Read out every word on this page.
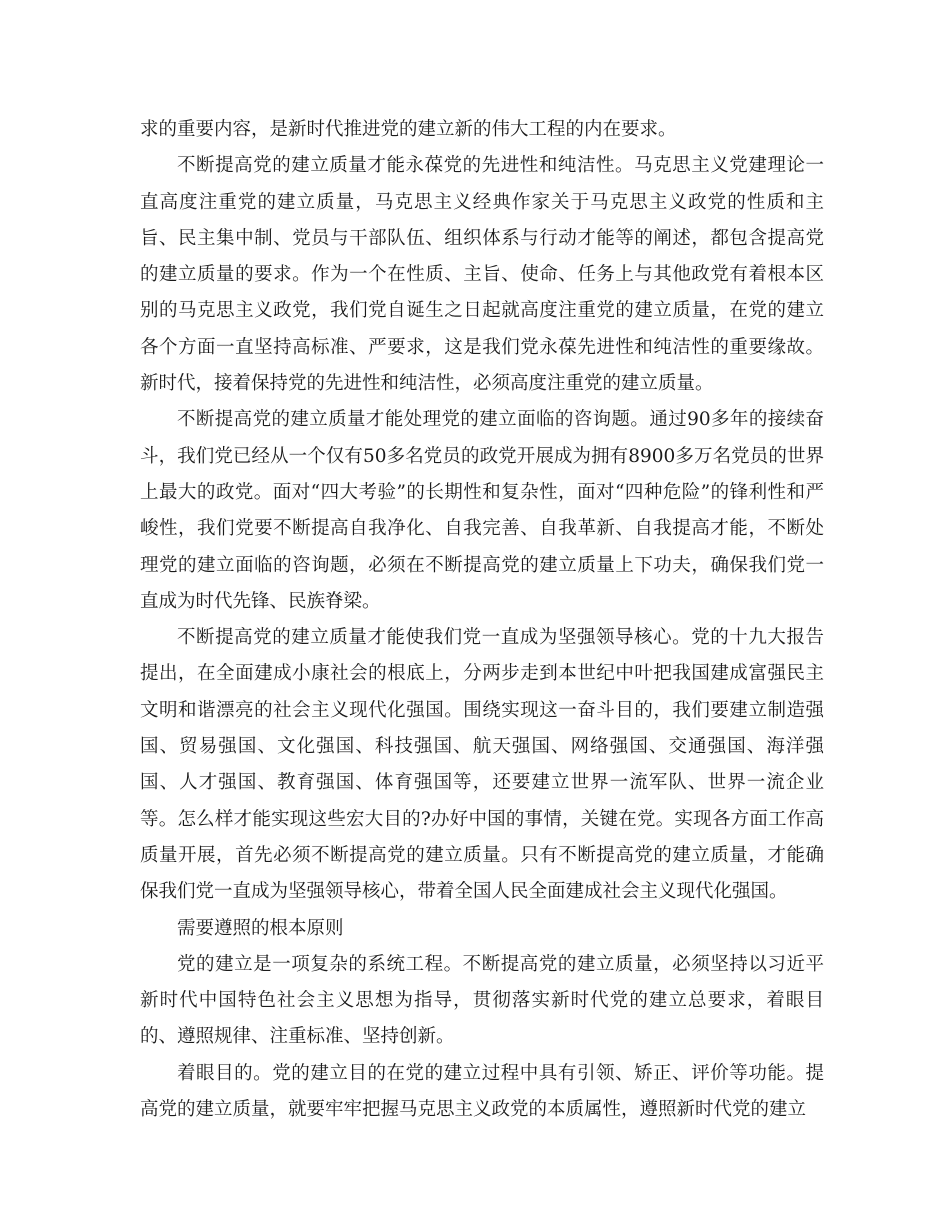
求的重要内容，是新时代推进党的建立新的伟大工程的内在要求。

不断提高党的建立质量才能永葆党的先进性和纯洁性。马克思主义党建理论一直高度注重党的建立质量，马克思主义经典作家关于马克思主义政党的性质和主旨、民主集中制、党员与干部队伍、组织体系与行动才能等的阐述，都包含提高党的建立质量的要求。作为一个在性质、主旨、使命、任务上与其他政党有着根本区别的马克思主义政党，我们党自诞生之日起就高度注重党的建立质量，在党的建立各个方面一直坚持高标准、严要求，这是我们党永葆先进性和纯洁性的重要缘故。新时代，接着保持党的先进性和纯洁性，必须高度注重党的建立质量。

不断提高党的建立质量才能处理党的建立面临的咨询题。通过90多年的接续奋斗，我们党已经从一个仅有50多名党员的政党开展成为拥有8900多万名党员的世界上最大的政党。面对“四大考验”的长期性和复杂性，面对“四种危险”的锋利性和严峻性，我们党要不断提高自我净化、自我完善、自我革新、自我提高才能，不断处理党的建立面临的咨询题，必须在不断提高党的建立质量上下功夫，确保我们党一直成为时代先锋、民族脊梁。

不断提高党的建立质量才能使我们党一直成为坚强领导核心。党的十九大报告提出，在全面建成小康社会的根底上，分两步走到本世纪中叶把我国建成富强民主文明和谐漂亮的社会主义现代化强国。围绕实现这一奋斗目的，我们要建立制造强国、贸易强国、文化强国、科技强国、航天强国、网络强国、交通强国、海洋强国、人才强国、教育强国、体育强国等，还要建立世界一流军队、世界一流企业等。怎么样才能实现这些宏大目的?办好中国的事情，关键在党。实现各方面工作高质量开展，首先必须不断提高党的建立质量。只有不断提高党的建立质量，才能确保我们党一直成为坚强领导核心，带着全国人民全面建成社会主义现代化强国。

需要遵照的根本原则

党的建立是一项复杂的系统工程。不断提高党的建立质量，必须坚持以习近平新时代中国特色社会主义思想为指导，贯彻落实新时代党的建立总要求，着眼目的、遵照规律、注重标准、坚持创新。

着眼目的。党的建立目的在党的建立过程中具有引领、矫正、评价等功能。提高党的建立质量，就要牢牢把握马克思主义政党的本质属性，遵照新时代党的建立
